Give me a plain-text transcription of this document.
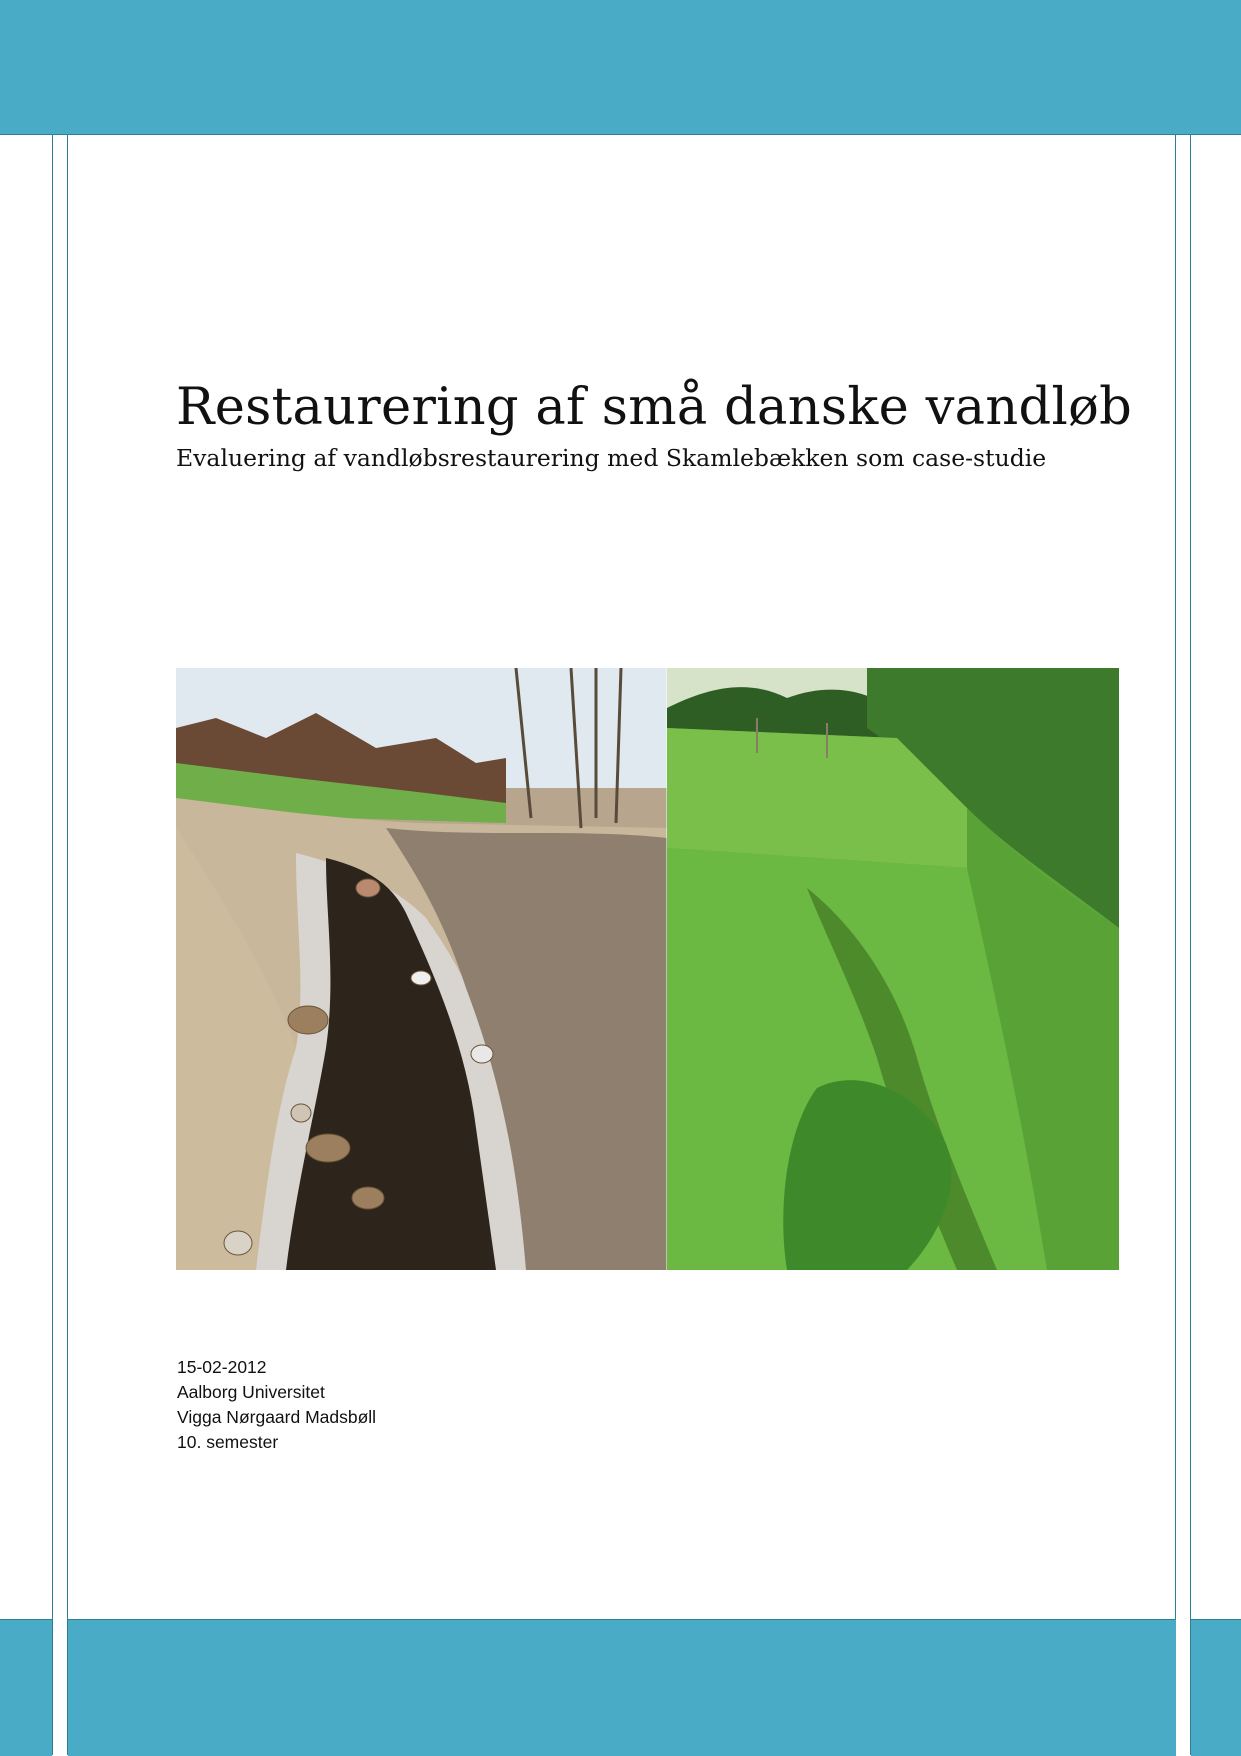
Restaurering af små danske vandløb
Evaluering af vandløbsrestaurering med Skamlebækken som case-studie
15-02-2012
Aalborg Universitet
Vigga Nørgaard Madsbøll
10. semester
